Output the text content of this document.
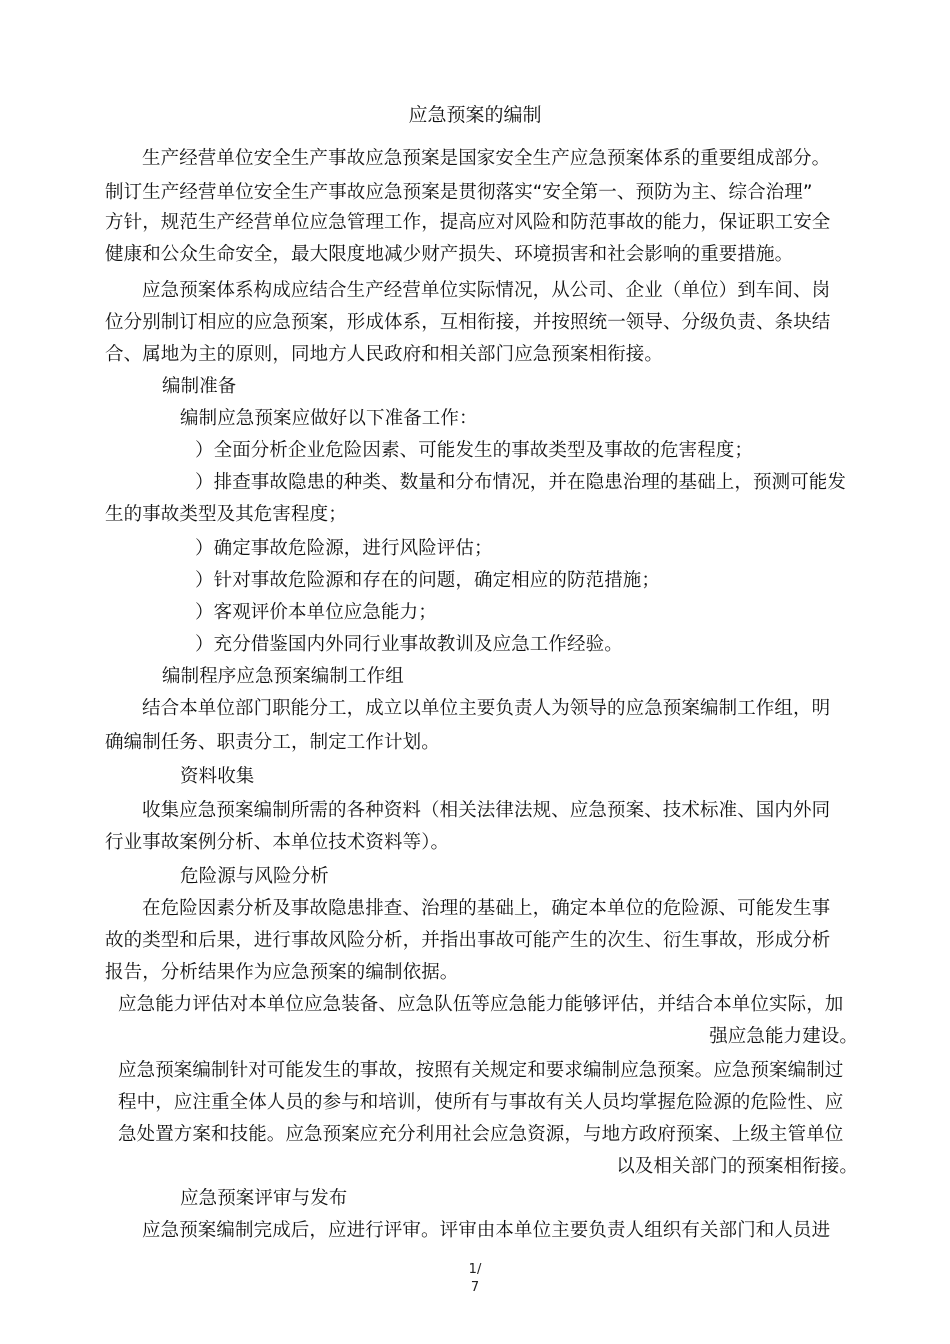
应急预案的编制
生产经营单位安全生产事故应急预案是国家安全生产应急预案体系的重要组成部分。
制订生产经营单位安全生产事故应急预案是贯彻落实“安全第一、预防为主、综合治理”
方针，规范生产经营单位应急管理工作，提高应对风险和防范事故的能力，保证职工安全
健康和公众生命安全，最大限度地减少财产损失、环境损害和社会影响的重要措施。
应急预案体系构成应结合生产经营单位实际情况，从公司、企业（单位）到车间、岗
位分别制订相应的应急预案，形成体系，互相衔接，并按照统一领导、分级负责、条块结
合、属地为主的原则，同地方人民政府和相关部门应急预案相衔接。
编制准备
编制应急预案应做好以下准备工作：
）全面分析企业危险因素、可能发生的事故类型及事故的危害程度；
）排查事故隐患的种类、数量和分布情况，并在隐患治理的基础上，预测可能发
生的事故类型及其危害程度；
）确定事故危险源，进行风险评估；
）针对事故危险源和存在的问题，确定相应的防范措施；
）客观评价本单位应急能力；
）充分借鉴国内外同行业事故教训及应急工作经验。
编制程序应急预案编制工作组
结合本单位部门职能分工，成立以单位主要负责人为领导的应急预案编制工作组，明
确编制任务、职责分工，制定工作计划。
资料收集
收集应急预案编制所需的各种资料（相关法律法规、应急预案、技术标准、国内外同
行业事故案例分析、本单位技术资料等）。
危险源与风险分析
在危险因素分析及事故隐患排查、治理的基础上，确定本单位的危险源、可能发生事
故的类型和后果，进行事故风险分析，并指出事故可能产生的次生、衍生事故，形成分析
报告，分析结果作为应急预案的编制依据。
应急能力评估对本单位应急装备、应急队伍等应急能力能够评估，并结合本单位实际，加
强应急能力建设。
应急预案编制针对可能发生的事故，按照有关规定和要求编制应急预案。应急预案编制过
程中，应注重全体人员的参与和培训，使所有与事故有关人员均掌握危险源的危险性、应
急处置方案和技能。应急预案应充分利用社会应急资源，与地方政府预案、上级主管单位
以及相关部门的预案相衔接。
应急预案评审与发布
应急预案编制完成后，应进行评审。评审由本单位主要负责人组织有关部门和人员进
1/
7
